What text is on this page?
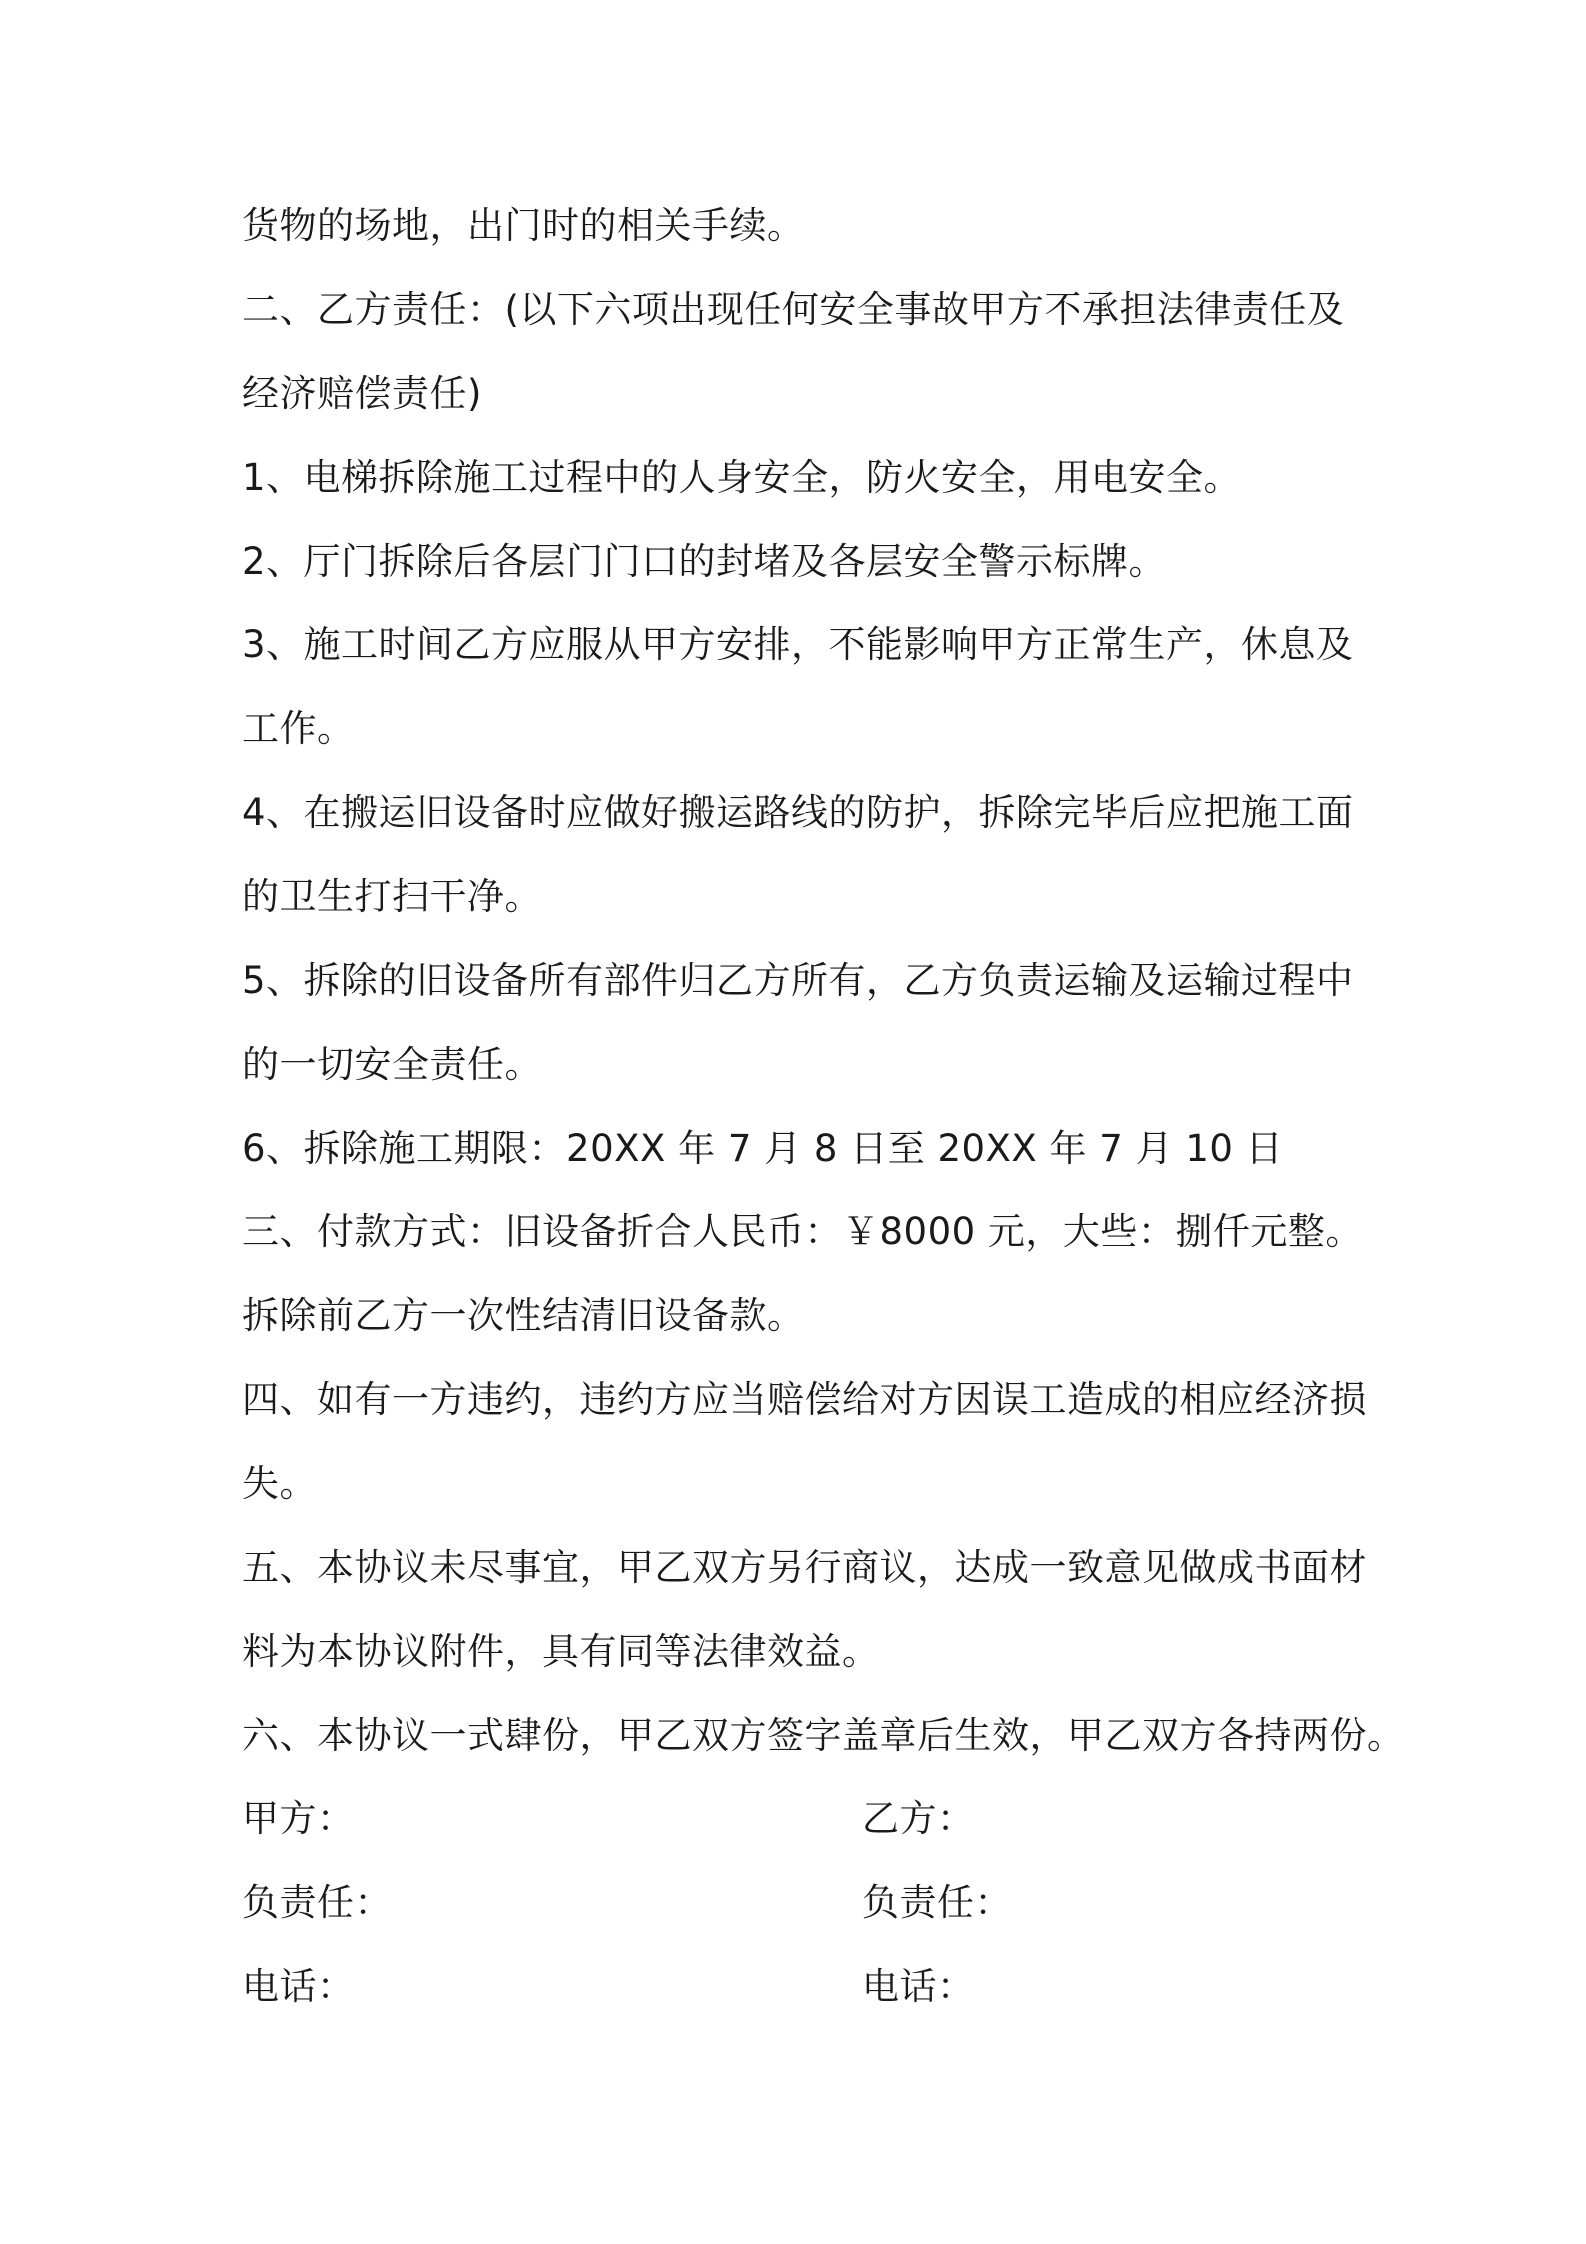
货物的场地，出门时的相关手续。
二、乙方责任：(以下六项出现任何安全事故甲方不承担法律责任及
经济赔偿责任)
1、电梯拆除施工过程中的人身安全，防火安全，用电安全。
2、厅门拆除后各层门门口的封堵及各层安全警示标牌。
3、施工时间乙方应服从甲方安排，不能影响甲方正常生产，休息及
工作。
4、在搬运旧设备时应做好搬运路线的防护，拆除完毕后应把施工面
的卫生打扫干净。
5、拆除的旧设备所有部件归乙方所有，乙方负责运输及运输过程中
的一切安全责任。
6、拆除施工期限：20XX 年 7 月 8 日至 20XX 年 7 月 10 日
三、付款方式：旧设备折合人民币：￥8000 元，大些：捌仟元整。
拆除前乙方一次性结清旧设备款。
四、如有一方违约，违约方应当赔偿给对方因误工造成的相应经济损
失。
五、本协议未尽事宜，甲乙双方另行商议，达成一致意见做成书面材
料为本协议附件，具有同等法律效益。
六、本协议一式肆份，甲乙双方签字盖章后生效，甲乙双方各持两份。
甲方：	乙方：
负责任：	负责任：
电话：	电话：
